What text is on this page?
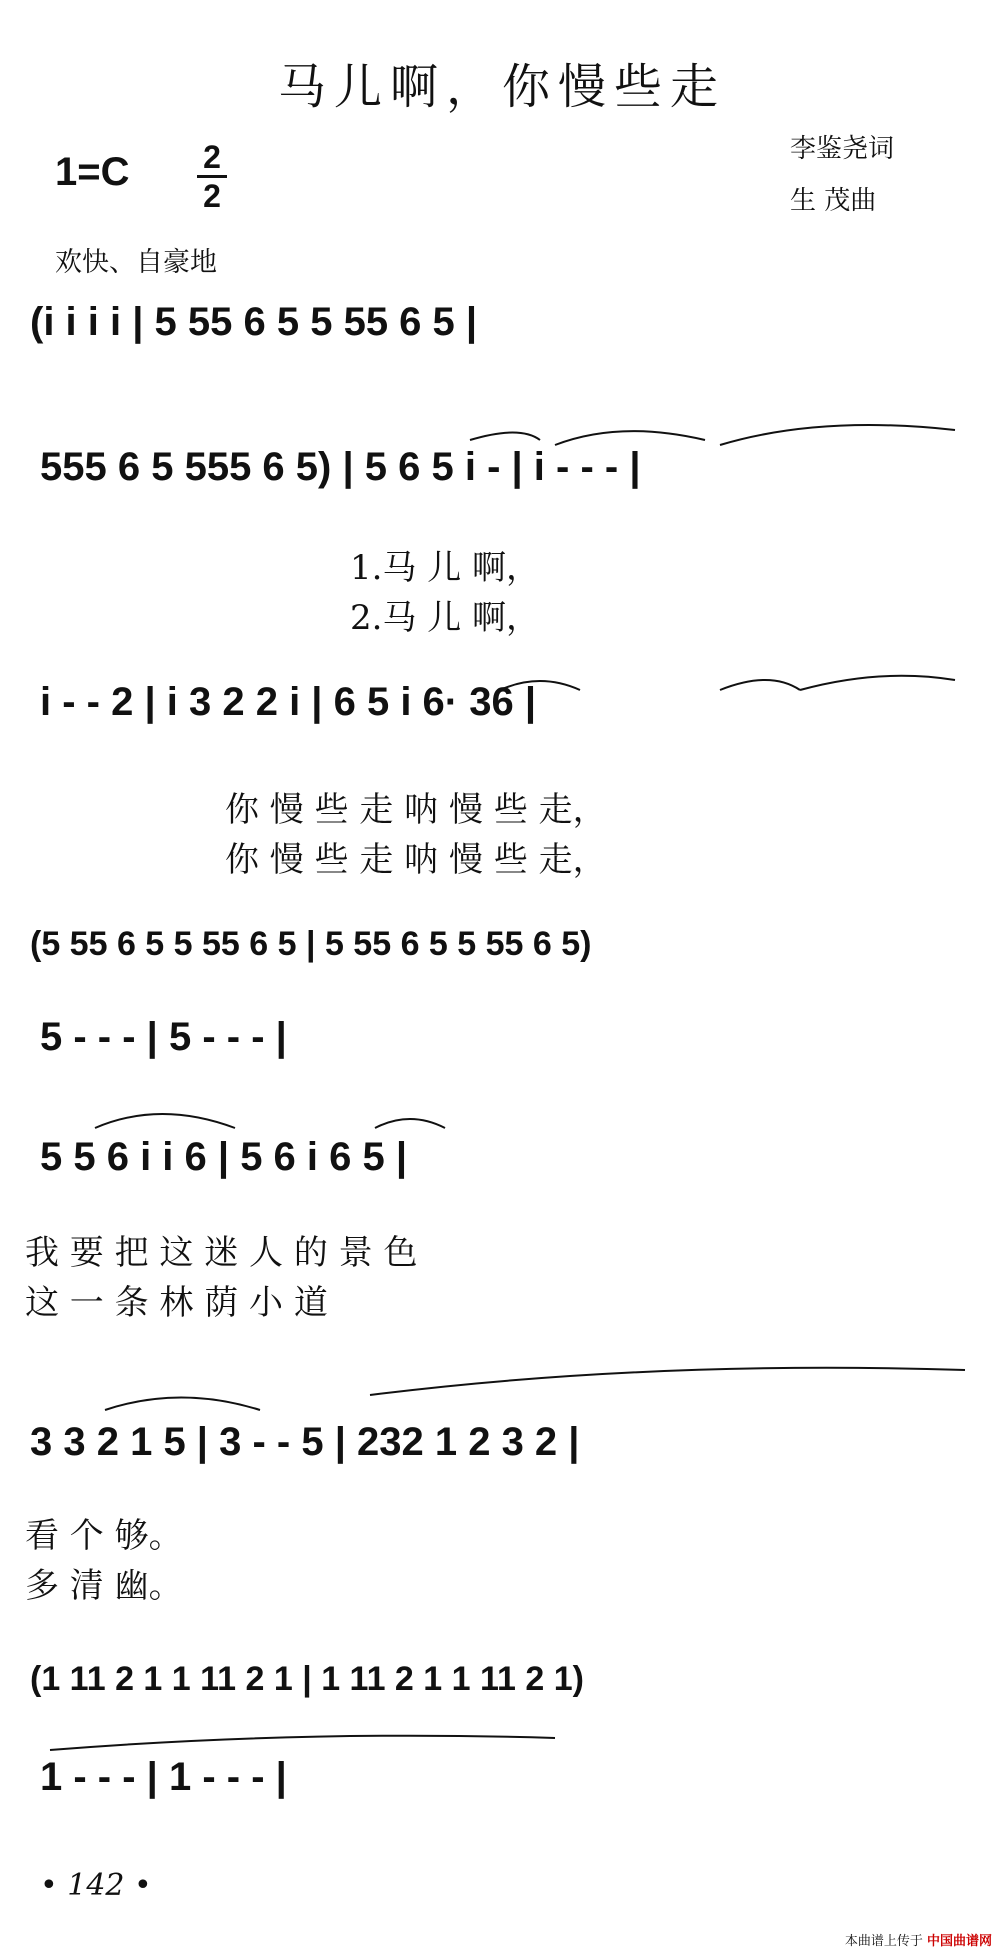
马儿啊，你慢些走
1=C	2
2
李鉴尧词
生 茂曲
欢快、自豪地
(i i i i | 5 55 6 5 5 55 6 5 |
555 6 5 555 6 5) | 5 6 5 i - | i - - - |
1.马 儿 啊，
2.马 儿 啊，
i - - 2 | i 3 2 2 i | 6 5 i 6· 36 |
你 慢 些 走 呐 慢 些 走，
你 慢 些 走 呐 慢 些 走，
(5 55 6 5 5 55 6 5 | 5 55 6 5 5 55 6 5)
5 - - - | 5 - - - |
5 5 6 i i 6 | 5 6 i 6 5 |
我 要 把 这 迷 人 的 景 色
这 一 条 林 荫 小 道
3 3 2 1 5 | 3 - - 5 | 232 1 2 3 2 |
看 个 够。
多 清 幽。
(1 11 2 1 1 11 2 1 | 1 11 2 1 1 11 2 1)
1 - - - | 1 - - - |
• 142 •
本曲谱上传于 中国曲谱网
